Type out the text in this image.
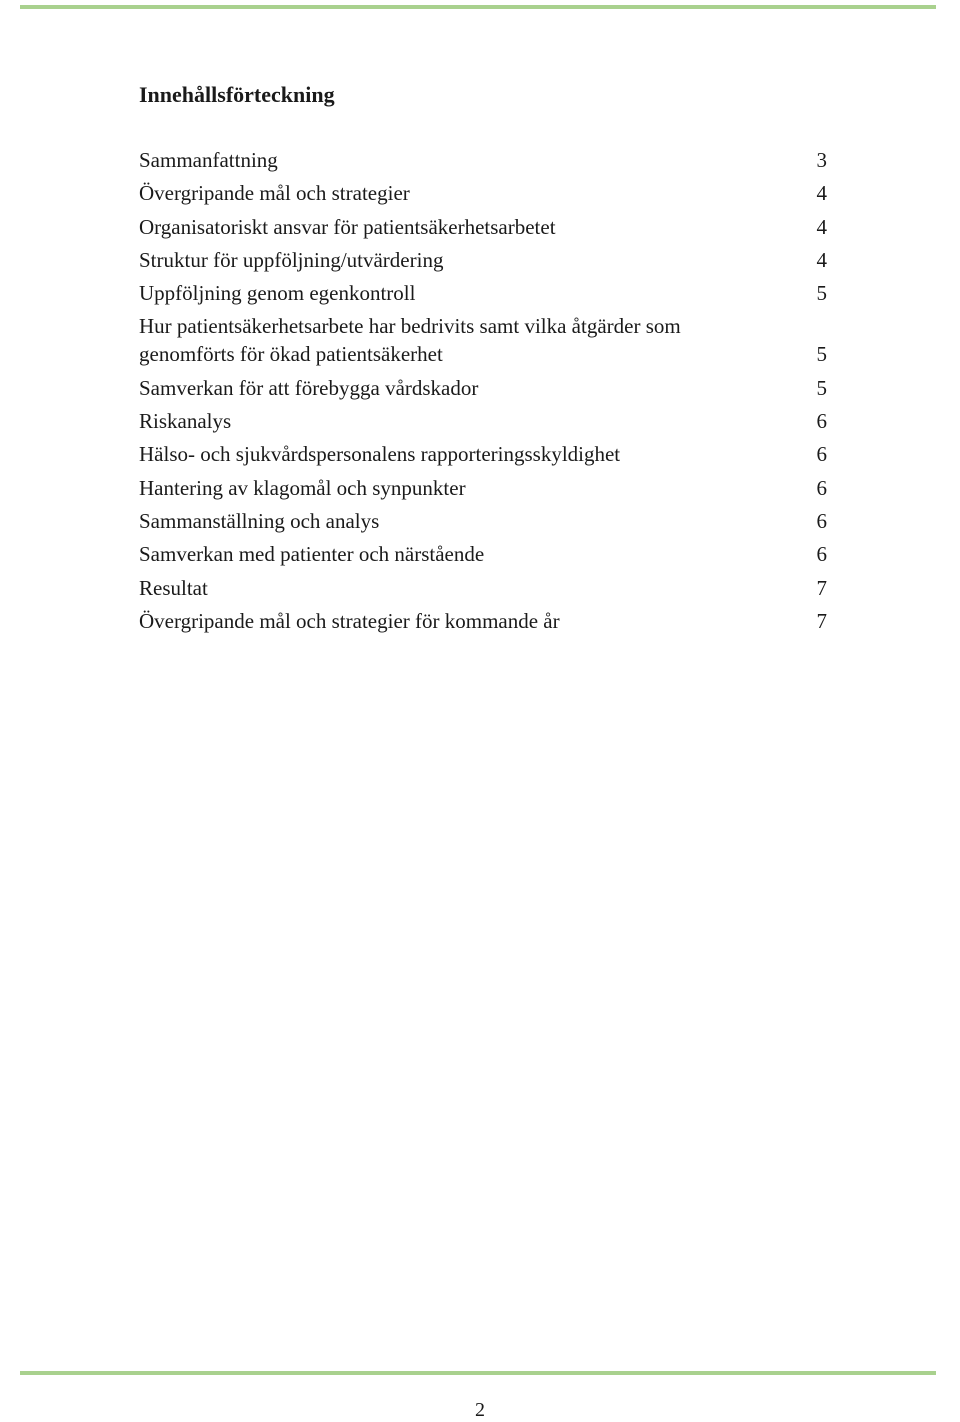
Innehållsförteckning
Sammanfattning	3
Övergripande mål och strategier	4
Organisatoriskt ansvar för patientsäkerhetsarbetet	4
Struktur för uppföljning/utvärdering	4
Uppföljning genom egenkontroll	5
Hur patientsäkerhetsarbete har bedrivits samt vilka åtgärder som genomförts för ökad patientsäkerhet	5
Samverkan för att förebygga vårdskador	5
Riskanalys	6
Hälso- och sjukvårdspersonalens rapporteringsskyldighet	6
Hantering av klagomål och synpunkter	6
Sammanställning och analys	6
Samverkan med patienter och närstående	6
Resultat	7
Övergripande mål och strategier för kommande år	7
2
